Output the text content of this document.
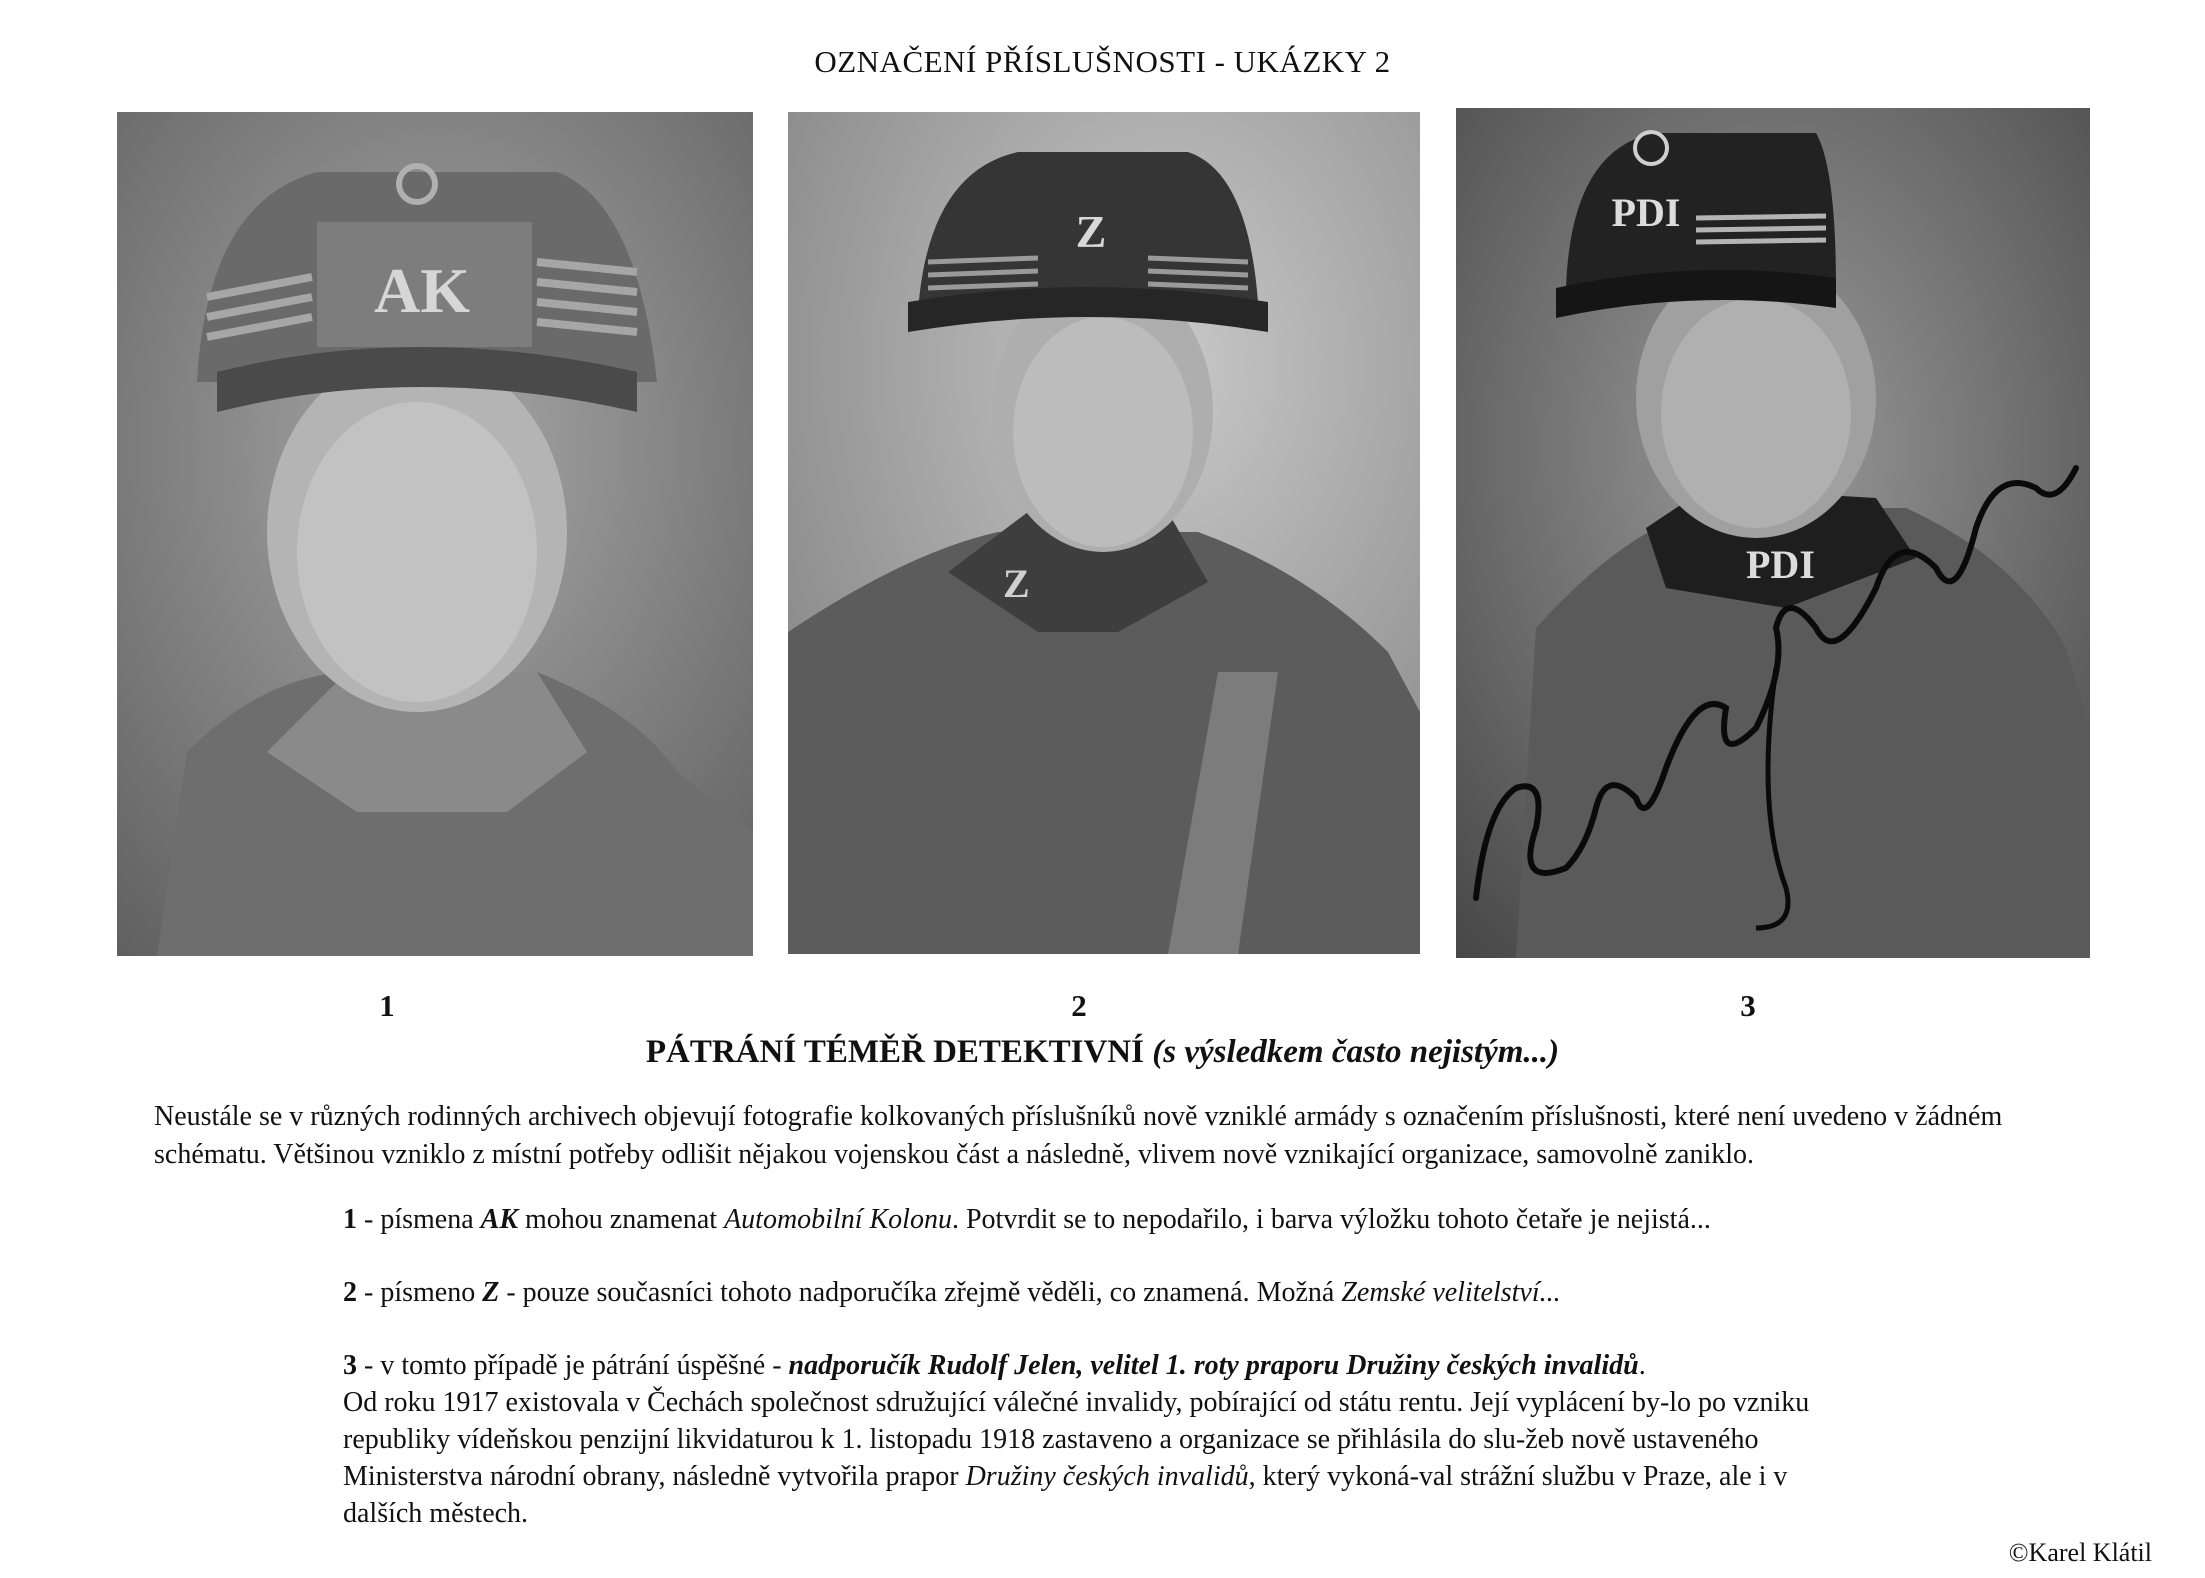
OZNAČENÍ PŘÍSLUŠNOSTI - UKÁZKY 2
AK
Z
Z
PDI
PDI
1	2	3
PÁTRÁNÍ TÉMĚŘ DETEKTIVNÍ (s výsledkem často nejistým...)
Neustále se v různých rodinných archivech objevují fotografie kolkovaných příslušníků nově vzniklé armády s označením příslušnosti, které není uvedeno v žádném schématu. Většinou vzniklo z místní potřeby odlišit nějakou vojenskou část a následně, vlivem nově vznikající organizace, samovolně zaniklo.
1 - písmena AK mohou znamenat Automobilní Kolonu. Potvrdit se to nepodařilo, i barva výložku tohoto četaře je nejistá...
2 - písmeno Z - pouze současníci tohoto nadporučíka zřejmě věděli, co znamená. Možná Zemské velitelství...
3 - v tomto případě je pátrání úspěšné - nadporučík Rudolf Jelen, velitel 1. roty praporu Družiny českých invalidů.
Od roku 1917 existovala v Čechách společnost sdružující válečné invalidy, pobírající od státu rentu. Její vyplácení by-lo po vzniku republiky vídeňskou penzijní likvidaturou k 1. listopadu 1918 zastaveno a organizace se přihlásila do slu-žeb nově ustaveného Ministerstva národní obrany, následně vytvořila prapor Družiny českých invalidů, který vykoná-val strážní službu v Praze, ale i v dalších městech.
©Karel Klátil
